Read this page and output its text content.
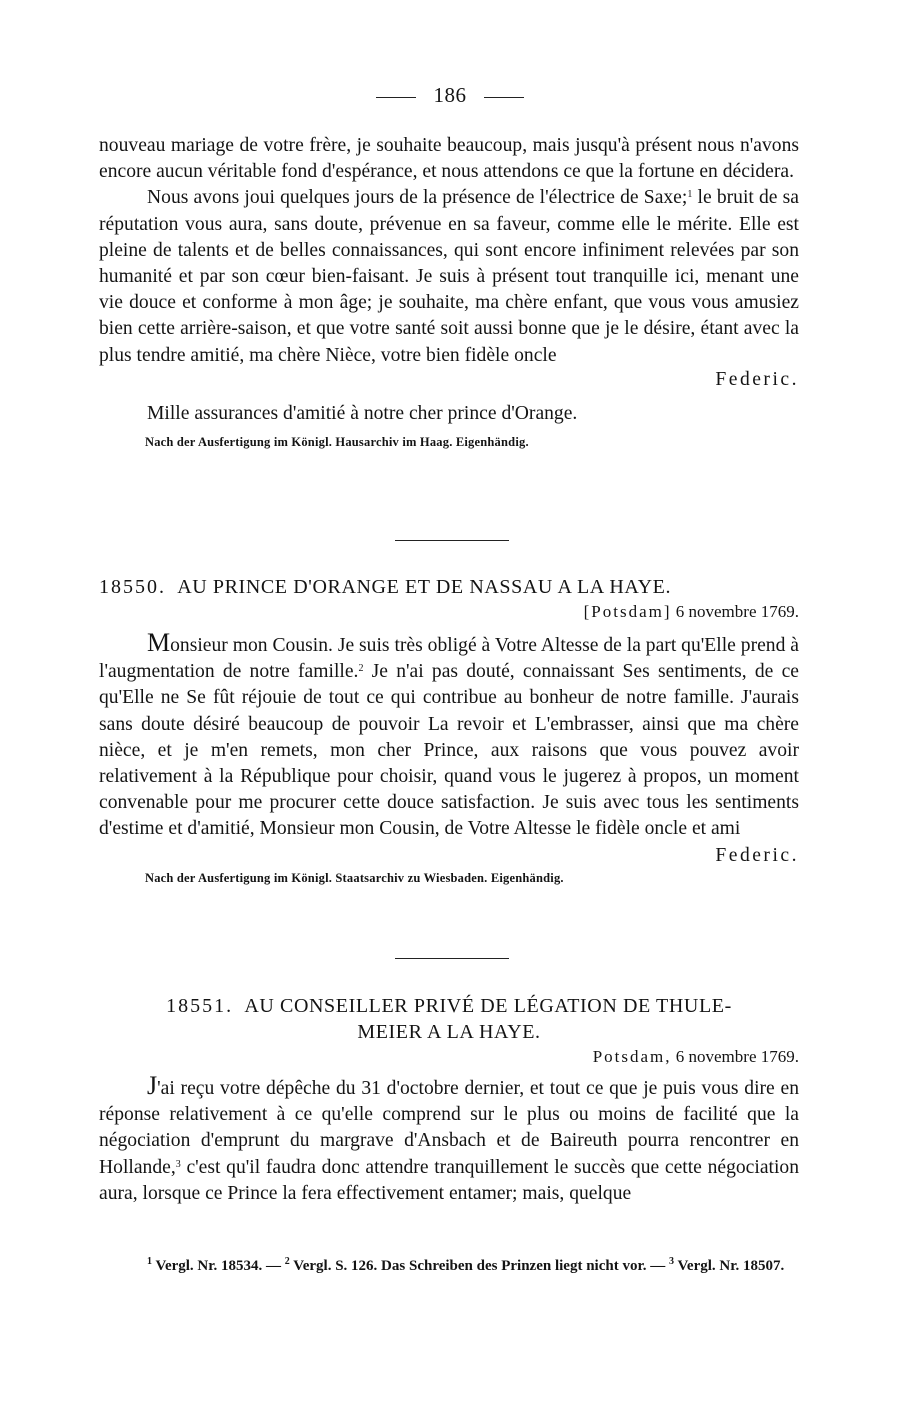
186

nouveau mariage de votre frère, je souhaite beaucoup, mais jusqu'à présent nous n'avons encore aucun véritable fond d'espérance, et nous attendons ce que la fortune en décidera.

Nous avons joui quelques jours de la présence de l'électrice de Saxe;$^1$ le bruit de sa réputation vous aura, sans doute, prévenue en sa faveur, comme elle le mérite. Elle est pleine de talents et de belles connaissances, qui sont encore infiniment relevées par son humanité et par son cœur bien-faisant. Je suis à présent tout tranquille ici, menant une vie douce et conforme à mon âge; je souhaite, ma chère enfant, que vous vous amusiez bien cette arrière-saison, et que votre santé soit aussi bonne que je le désire, étant avec la plus tendre amitié, ma chère Nièce, votre bien fidèle oncle

Federic.

Mille assurances d'amitié à notre cher prince d'Orange.

Nach der Ausfertigung im Königl. Hausarchiv im Haag. Eigenhändig.

18550. AU PRINCE D'ORANGE ET DE NASSAU A LA HAYE.

[Potsdam] 6 novembre 1769.

Monsieur mon Cousin. Je suis très obligé à Votre Altesse de la part qu'Elle prend à l'augmentation de notre famille.$^2$ Je n'ai pas douté, connaissant Ses sentiments, de ce qu'Elle ne Se fût réjouie de tout ce qui contribue au bonheur de notre famille. J'aurais sans doute désiré beaucoup de pouvoir La revoir et L'embrasser, ainsi que ma chère nièce, et je m'en remets, mon cher Prince, aux raisons que vous pouvez avoir relativement à la République pour choisir, quand vous le jugerez à propos, un moment convenable pour me procurer cette douce satisfaction. Je suis avec tous les sentiments d'estime et d'amitié, Monsieur mon Cousin, de Votre Altesse le fidèle oncle et ami

Federic.

Nach der Ausfertigung im Königl. Staatsarchiv zu Wiesbaden. Eigenhändig.

18551. AU CONSEILLER PRIVÉ DE LÉGATION DE THULE-
MEIER A LA HAYE.

Potsdam, 6 novembre 1769.

J'ai reçu votre dépêche du 31 d'octobre dernier, et tout ce que je puis vous dire en réponse relativement à ce qu'elle comprend sur le plus ou moins de facilité que la négociation d'emprunt du margrave d'Ansbach et de Baireuth pourra rencontrer en Hollande,$^3$ c'est qu'il faudra donc attendre tranquillement le succès que cette négociation aura, lorsque ce Prince la fera effectivement entamer; mais, quelque

$^1$ Vergl. Nr. 18534. — $^2$ Vergl. S. 126. Das Schreiben des Prinzen liegt nicht vor. — $^3$ Vergl. Nr. 18507.
